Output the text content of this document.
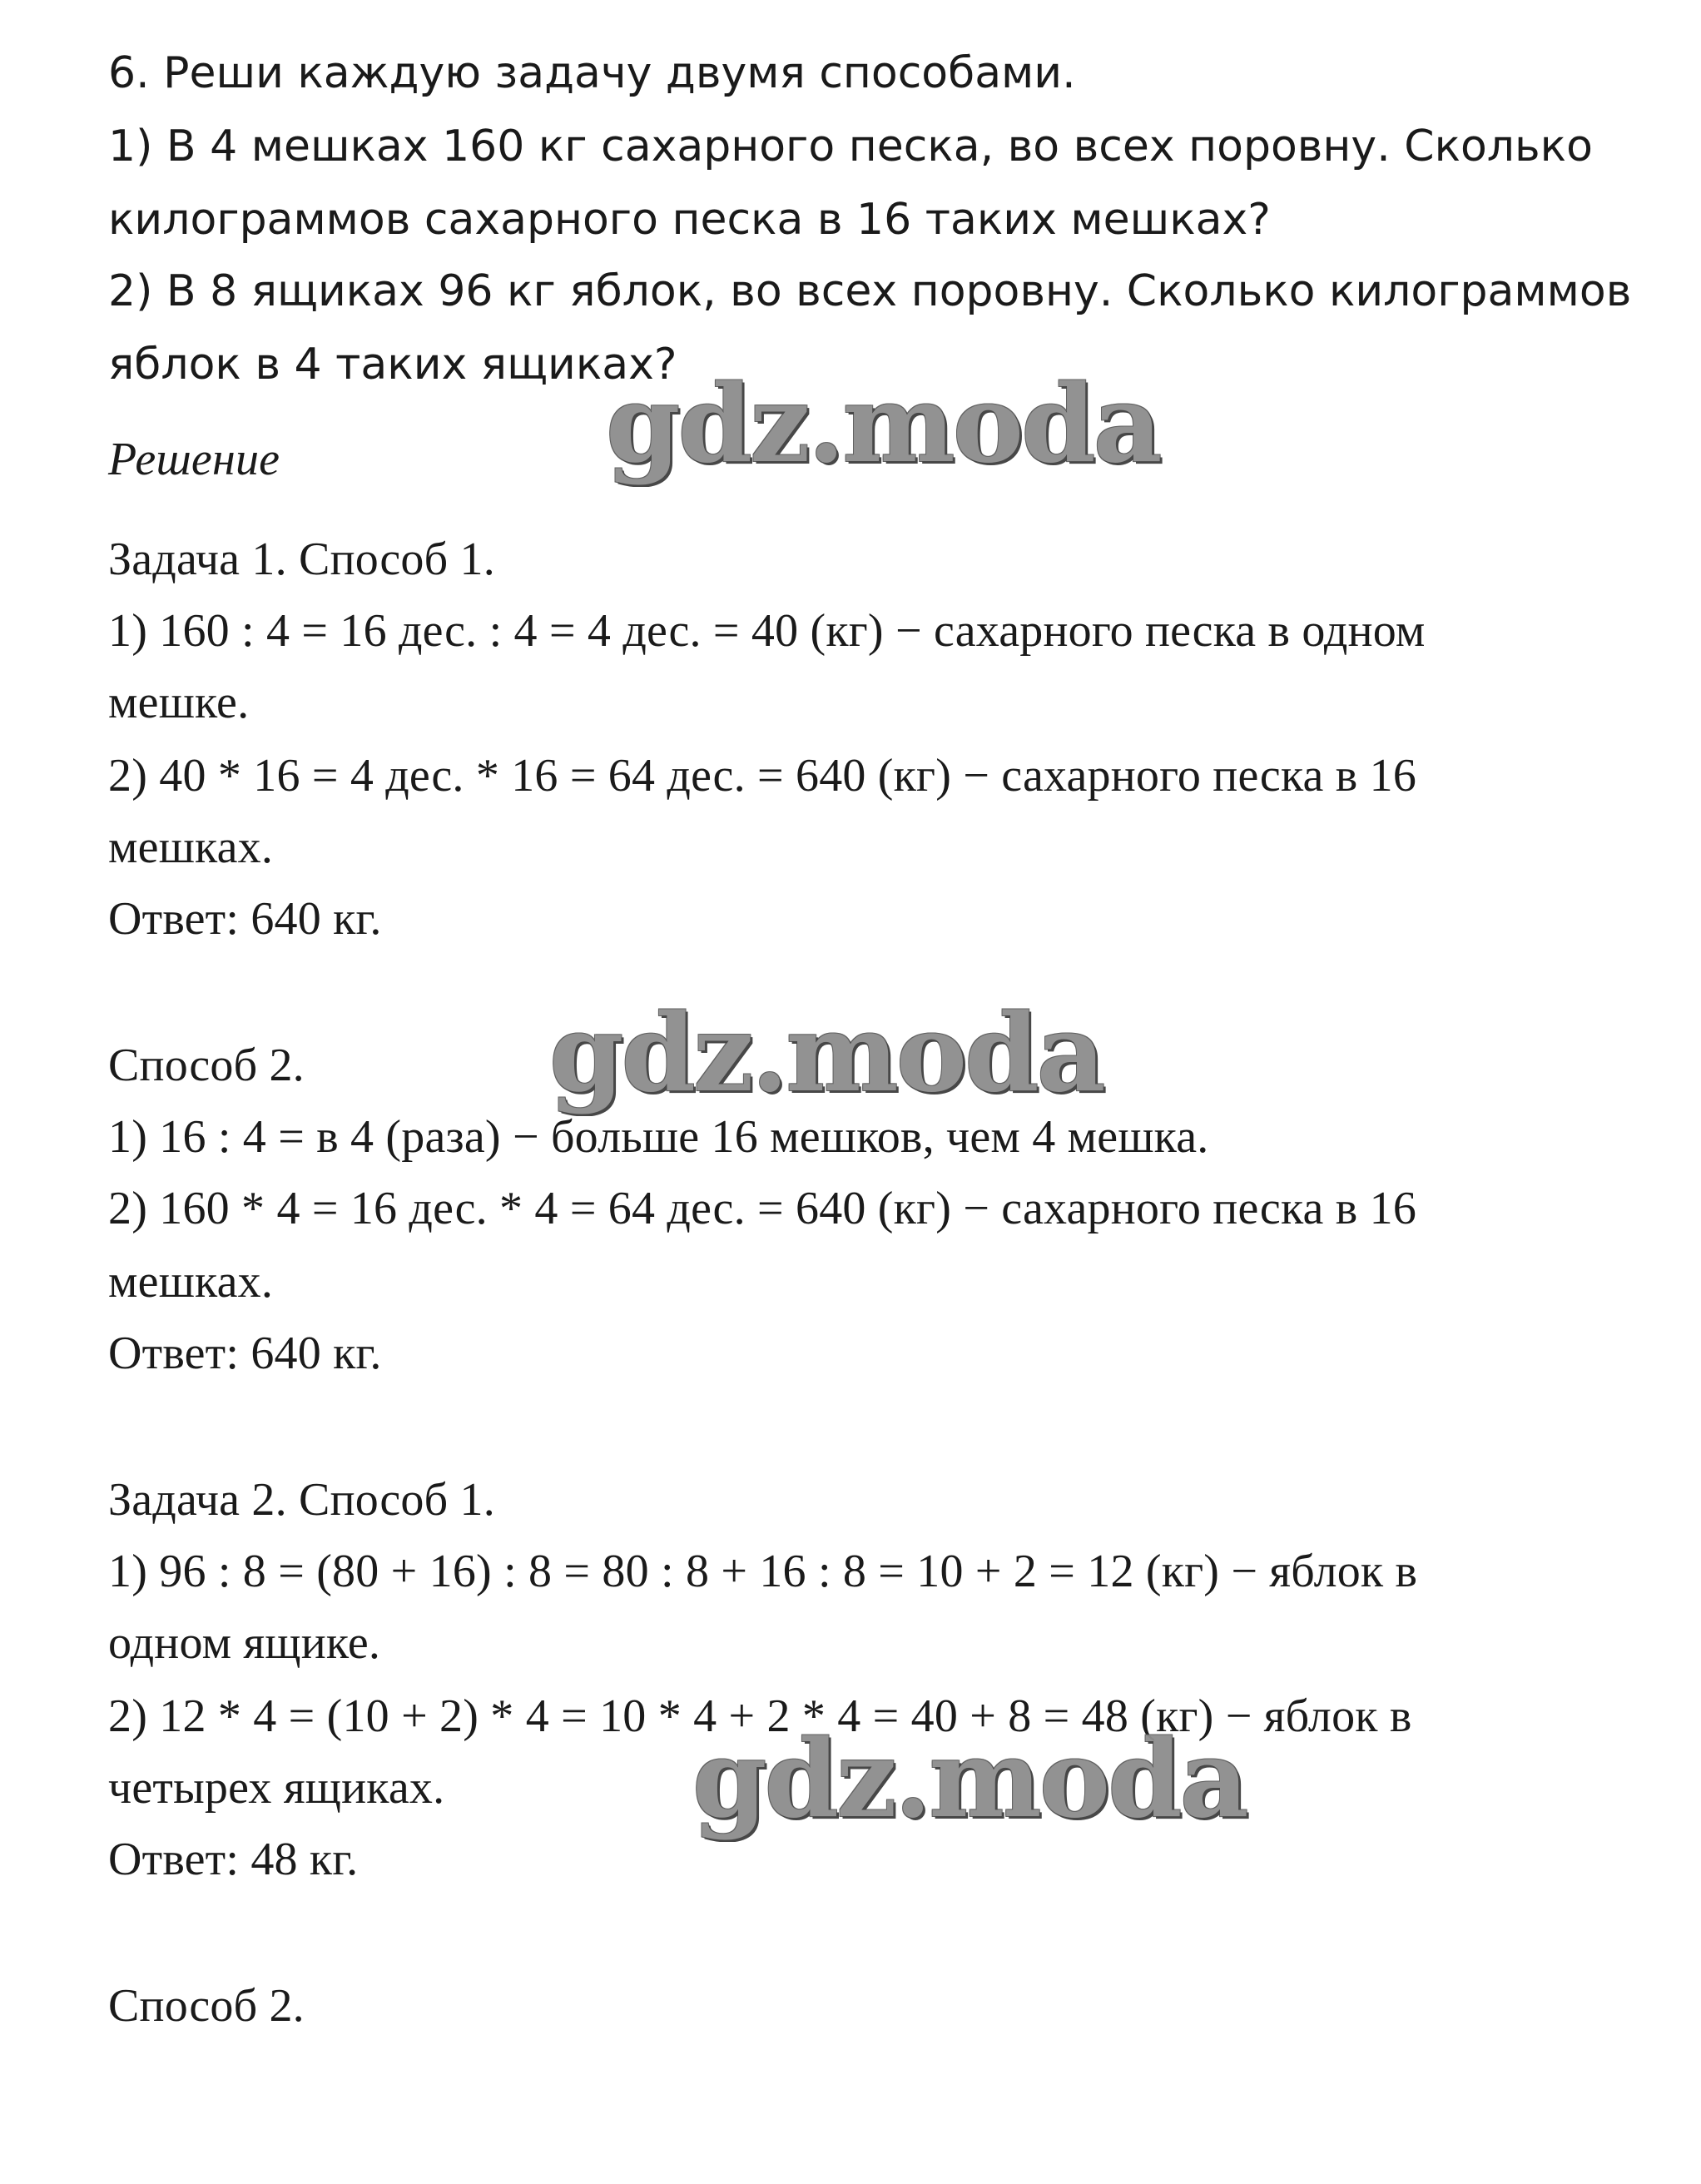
6. Реши каждую задачу двумя способами.
1) В 4 мешках 160 кг сахарного песка, во всех поровну. Сколько
килограммов сахарного песка в 16 таких мешках?
2) В 8 ящиках 96 кг яблок, во всех поровну. Сколько килограммов
яблок в 4 таких ящиках?
Решение
Задача 1. Способ 1.
1) 160 : 4 = 16 дес. : 4 = 4 дес. = 40 (кг) − сахарного песка в одном
мешке.
2) 40 * 16 = 4 дес. * 16 = 64 дес. = 640 (кг) − сахарного песка в 16
мешках.
Ответ: 640 кг.
Способ 2.
1) 16 : 4 = в 4 (раза) − больше 16 мешков, чем 4 мешка.
2) 160 * 4 = 16 дес. * 4 = 64 дес. = 640 (кг) − сахарного песка в 16
мешках.
Ответ: 640 кг.
Задача 2. Способ 1.
1) 96 : 8 = (80 + 16) : 8 = 80 : 8 + 16 : 8 = 10 + 2 = 12 (кг) − яблок в
одном ящике.
2) 12 * 4 = (10 + 2) * 4 = 10 * 4 + 2 * 4 = 40 + 8 = 48 (кг) − яблок в
четырех ящиках.
Ответ: 48 кг.
Способ 2.
gdz.moda
gdz.moda
gdz.moda
